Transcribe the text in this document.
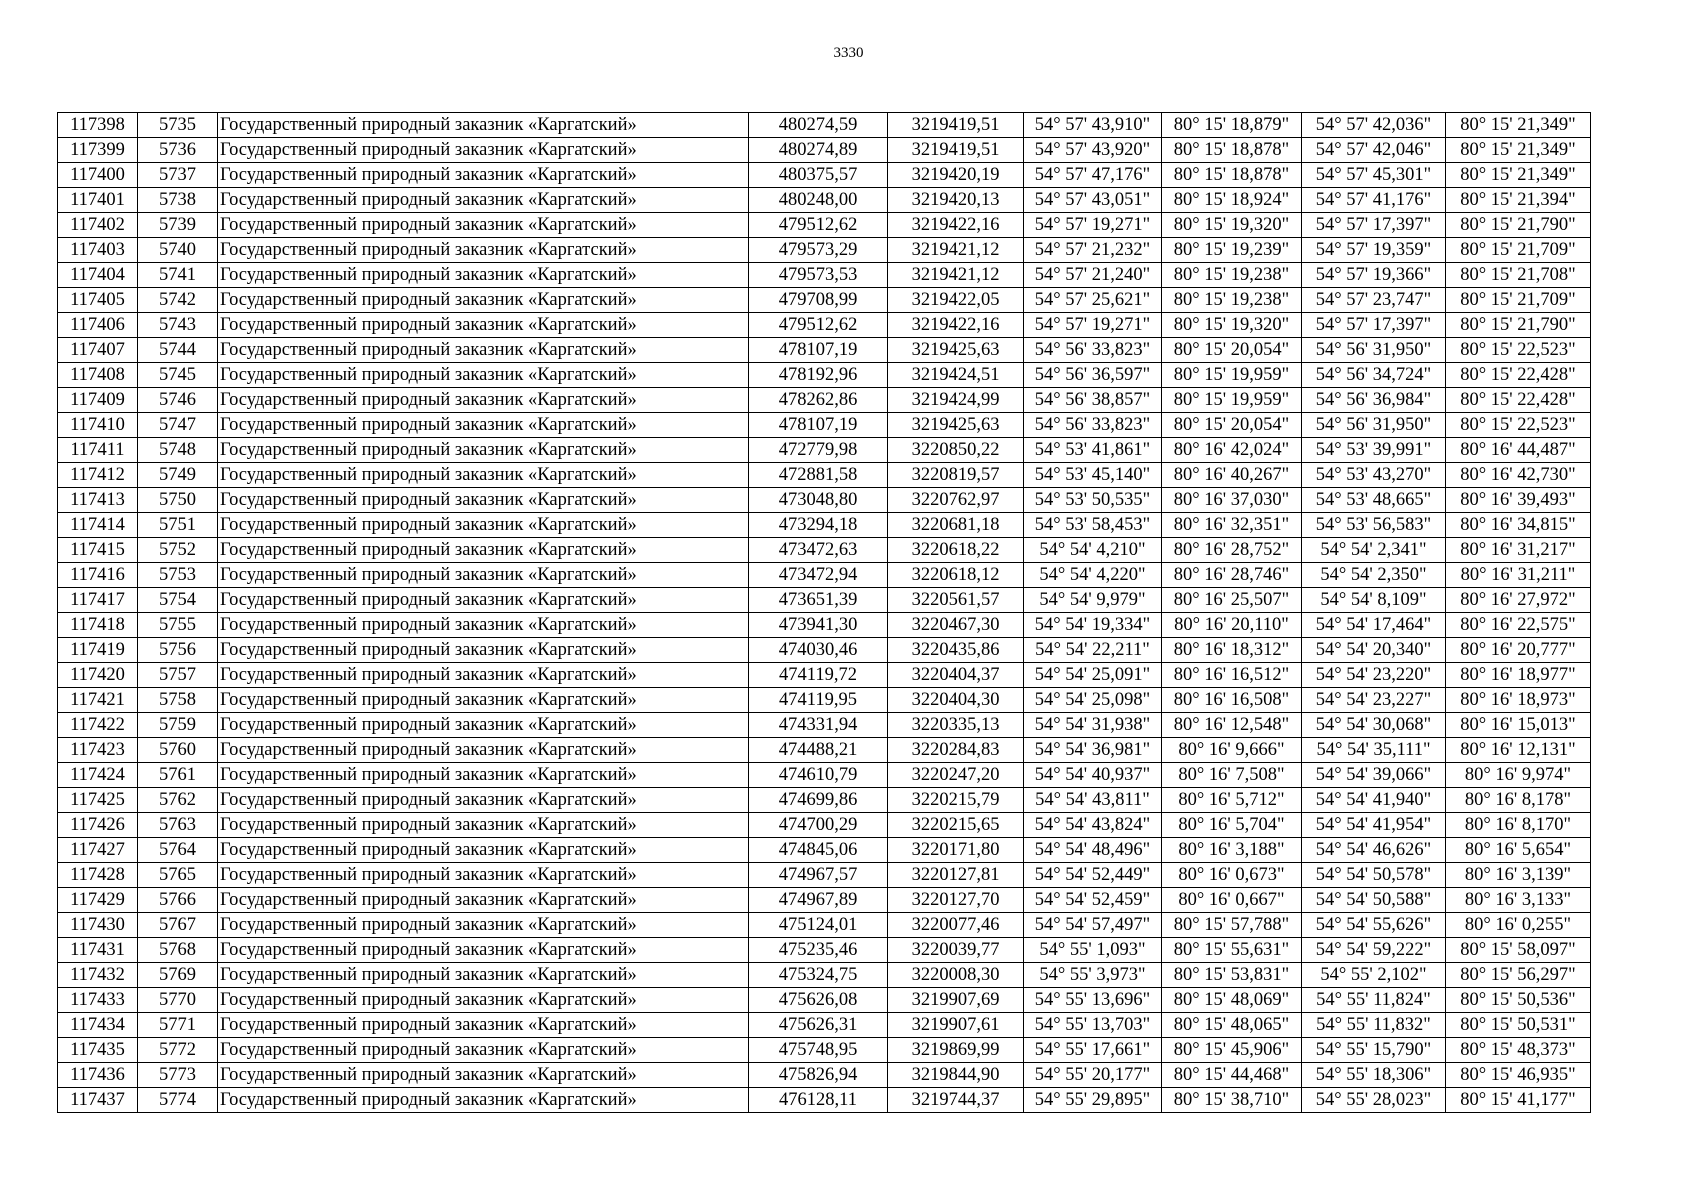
3330
117398	5735	Государственный природный заказник «Каргатский»	480274,59	3219419,51	54° 57' 43,910"	80° 15' 18,879"	54° 57' 42,036"	80° 15' 21,349"
117399	5736	Государственный природный заказник «Каргатский»	480274,89	3219419,51	54° 57' 43,920"	80° 15' 18,878"	54° 57' 42,046"	80° 15' 21,349"
117400	5737	Государственный природный заказник «Каргатский»	480375,57	3219420,19	54° 57' 47,176"	80° 15' 18,878"	54° 57' 45,301"	80° 15' 21,349"
117401	5738	Государственный природный заказник «Каргатский»	480248,00	3219420,13	54° 57' 43,051"	80° 15' 18,924"	54° 57' 41,176"	80° 15' 21,394"
117402	5739	Государственный природный заказник «Каргатский»	479512,62	3219422,16	54° 57' 19,271"	80° 15' 19,320"	54° 57' 17,397"	80° 15' 21,790"
117403	5740	Государственный природный заказник «Каргатский»	479573,29	3219421,12	54° 57' 21,232"	80° 15' 19,239"	54° 57' 19,359"	80° 15' 21,709"
117404	5741	Государственный природный заказник «Каргатский»	479573,53	3219421,12	54° 57' 21,240"	80° 15' 19,238"	54° 57' 19,366"	80° 15' 21,708"
117405	5742	Государственный природный заказник «Каргатский»	479708,99	3219422,05	54° 57' 25,621"	80° 15' 19,238"	54° 57' 23,747"	80° 15' 21,709"
117406	5743	Государственный природный заказник «Каргатский»	479512,62	3219422,16	54° 57' 19,271"	80° 15' 19,320"	54° 57' 17,397"	80° 15' 21,790"
117407	5744	Государственный природный заказник «Каргатский»	478107,19	3219425,63	54° 56' 33,823"	80° 15' 20,054"	54° 56' 31,950"	80° 15' 22,523"
117408	5745	Государственный природный заказник «Каргатский»	478192,96	3219424,51	54° 56' 36,597"	80° 15' 19,959"	54° 56' 34,724"	80° 15' 22,428"
117409	5746	Государственный природный заказник «Каргатский»	478262,86	3219424,99	54° 56' 38,857"	80° 15' 19,959"	54° 56' 36,984"	80° 15' 22,428"
117410	5747	Государственный природный заказник «Каргатский»	478107,19	3219425,63	54° 56' 33,823"	80° 15' 20,054"	54° 56' 31,950"	80° 15' 22,523"
117411	5748	Государственный природный заказник «Каргатский»	472779,98	3220850,22	54° 53' 41,861"	80° 16' 42,024"	54° 53' 39,991"	80° 16' 44,487"
117412	5749	Государственный природный заказник «Каргатский»	472881,58	3220819,57	54° 53' 45,140"	80° 16' 40,267"	54° 53' 43,270"	80° 16' 42,730"
117413	5750	Государственный природный заказник «Каргатский»	473048,80	3220762,97	54° 53' 50,535"	80° 16' 37,030"	54° 53' 48,665"	80° 16' 39,493"
117414	5751	Государственный природный заказник «Каргатский»	473294,18	3220681,18	54° 53' 58,453"	80° 16' 32,351"	54° 53' 56,583"	80° 16' 34,815"
117415	5752	Государственный природный заказник «Каргатский»	473472,63	3220618,22	54° 54' 4,210"	80° 16' 28,752"	54° 54' 2,341"	80° 16' 31,217"
117416	5753	Государственный природный заказник «Каргатский»	473472,94	3220618,12	54° 54' 4,220"	80° 16' 28,746"	54° 54' 2,350"	80° 16' 31,211"
117417	5754	Государственный природный заказник «Каргатский»	473651,39	3220561,57	54° 54' 9,979"	80° 16' 25,507"	54° 54' 8,109"	80° 16' 27,972"
117418	5755	Государственный природный заказник «Каргатский»	473941,30	3220467,30	54° 54' 19,334"	80° 16' 20,110"	54° 54' 17,464"	80° 16' 22,575"
117419	5756	Государственный природный заказник «Каргатский»	474030,46	3220435,86	54° 54' 22,211"	80° 16' 18,312"	54° 54' 20,340"	80° 16' 20,777"
117420	5757	Государственный природный заказник «Каргатский»	474119,72	3220404,37	54° 54' 25,091"	80° 16' 16,512"	54° 54' 23,220"	80° 16' 18,977"
117421	5758	Государственный природный заказник «Каргатский»	474119,95	3220404,30	54° 54' 25,098"	80° 16' 16,508"	54° 54' 23,227"	80° 16' 18,973"
117422	5759	Государственный природный заказник «Каргатский»	474331,94	3220335,13	54° 54' 31,938"	80° 16' 12,548"	54° 54' 30,068"	80° 16' 15,013"
117423	5760	Государственный природный заказник «Каргатский»	474488,21	3220284,83	54° 54' 36,981"	80° 16' 9,666"	54° 54' 35,111"	80° 16' 12,131"
117424	5761	Государственный природный заказник «Каргатский»	474610,79	3220247,20	54° 54' 40,937"	80° 16' 7,508"	54° 54' 39,066"	80° 16' 9,974"
117425	5762	Государственный природный заказник «Каргатский»	474699,86	3220215,79	54° 54' 43,811"	80° 16' 5,712"	54° 54' 41,940"	80° 16' 8,178"
117426	5763	Государственный природный заказник «Каргатский»	474700,29	3220215,65	54° 54' 43,824"	80° 16' 5,704"	54° 54' 41,954"	80° 16' 8,170"
117427	5764	Государственный природный заказник «Каргатский»	474845,06	3220171,80	54° 54' 48,496"	80° 16' 3,188"	54° 54' 46,626"	80° 16' 5,654"
117428	5765	Государственный природный заказник «Каргатский»	474967,57	3220127,81	54° 54' 52,449"	80° 16' 0,673"	54° 54' 50,578"	80° 16' 3,139"
117429	5766	Государственный природный заказник «Каргатский»	474967,89	3220127,70	54° 54' 52,459"	80° 16' 0,667"	54° 54' 50,588"	80° 16' 3,133"
117430	5767	Государственный природный заказник «Каргатский»	475124,01	3220077,46	54° 54' 57,497"	80° 15' 57,788"	54° 54' 55,626"	80° 16' 0,255"
117431	5768	Государственный природный заказник «Каргатский»	475235,46	3220039,77	54° 55' 1,093"	80° 15' 55,631"	54° 54' 59,222"	80° 15' 58,097"
117432	5769	Государственный природный заказник «Каргатский»	475324,75	3220008,30	54° 55' 3,973"	80° 15' 53,831"	54° 55' 2,102"	80° 15' 56,297"
117433	5770	Государственный природный заказник «Каргатский»	475626,08	3219907,69	54° 55' 13,696"	80° 15' 48,069"	54° 55' 11,824"	80° 15' 50,536"
117434	5771	Государственный природный заказник «Каргатский»	475626,31	3219907,61	54° 55' 13,703"	80° 15' 48,065"	54° 55' 11,832"	80° 15' 50,531"
117435	5772	Государственный природный заказник «Каргатский»	475748,95	3219869,99	54° 55' 17,661"	80° 15' 45,906"	54° 55' 15,790"	80° 15' 48,373"
117436	5773	Государственный природный заказник «Каргатский»	475826,94	3219844,90	54° 55' 20,177"	80° 15' 44,468"	54° 55' 18,306"	80° 15' 46,935"
117437	5774	Государственный природный заказник «Каргатский»	476128,11	3219744,37	54° 55' 29,895"	80° 15' 38,710"	54° 55' 28,023"	80° 15' 41,177"
